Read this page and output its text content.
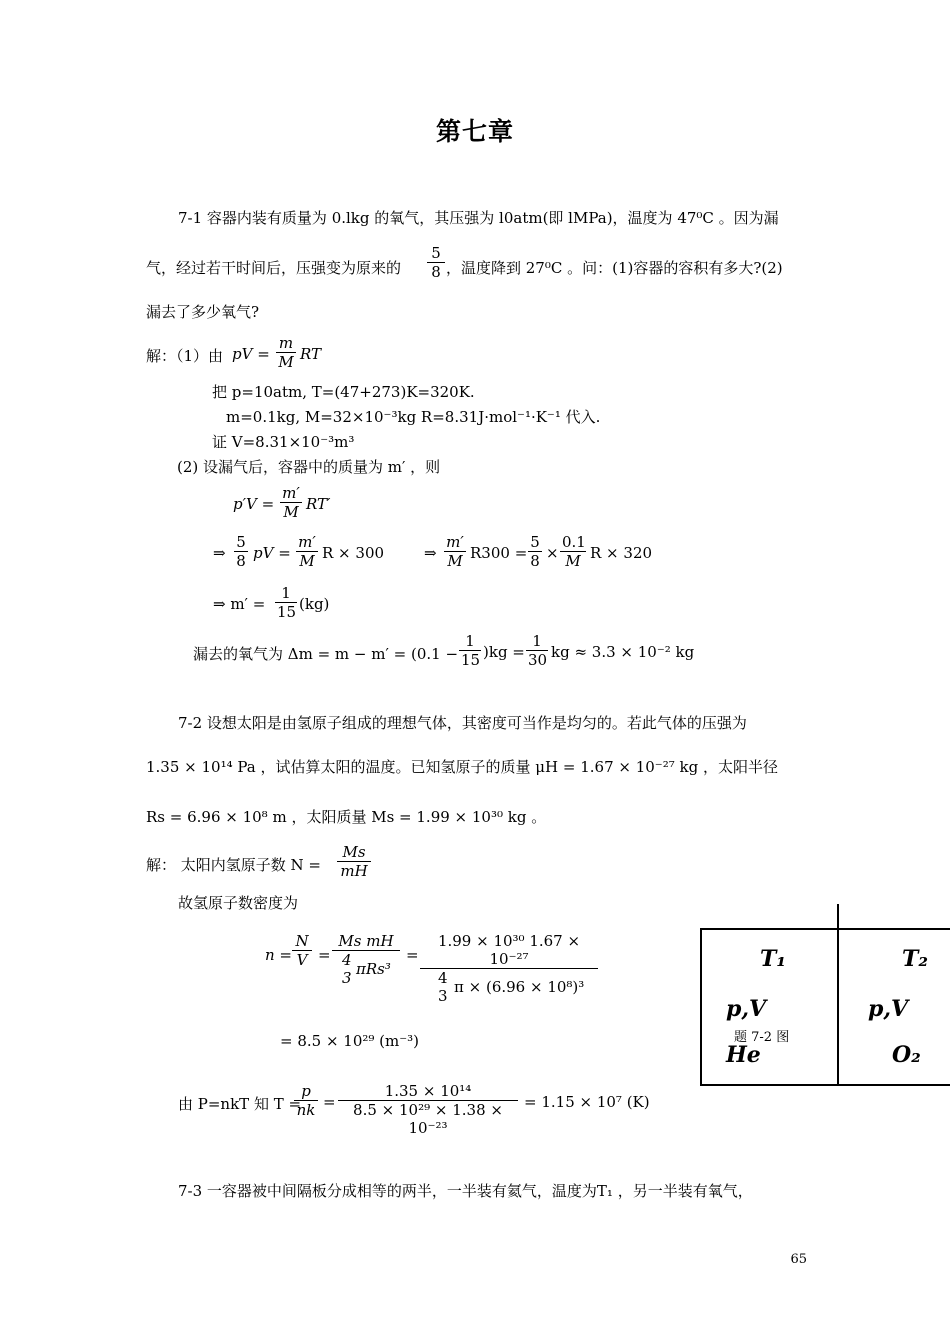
第七章
7-1 容器内装有质量为 0.lkg 的氧气，其压强为 l0atm(即 lMPa)，温度为 47⁰C 。因为漏
气，经过若干时间后，压强变为原来的 $\frac{5}{8}$ ，温度降到 27⁰C 。问：(1)容器的容积有多大?(2)
漏去了多少氧气?
解：（1）由 pV = $\frac{m}{M}$ RT
把 p=10atm, T=(47+273)K=320K.
m=0.1kg, M=32×10⁻³kg R=8.31J·mol⁻¹·K⁻¹ 代入.
证 V=8.31×10⁻³m³
(2) 设漏气后，容器中的质量为 m′ ，则
$p'V = \frac{m'}{M} RT'$
⇒ $\frac{5}{8}$ pV = $\frac{m'}{M}$ R × 300	⇒ $\frac{m'}{M} R300 = \frac{5}{8} \times \frac{0.1}{M}$ R × 320
⇒ $m' = \frac{1}{15} (kg)$
漏去的氧气为 $\Delta m = m - m' = (0.1 - \frac{1}{15} )kg = \frac{1}{30}$ kg ≈ 3.3 × 10⁻² kg
7-2 设想太阳是由氢原子组成的理想气体，其密度可当作是均匀的。若此气体的压强为
1.35 × 10¹⁴ Pa ，试估算太阳的温度。已知氢原子的质量 μH = 1.67 × 10⁻²⁷ kg ，太阳半径
Rs = 6.96 × 10⁸ m ，太阳质量 Ms = 1.99 × 10³⁰ kg 。
解： 太阳内氢原子数 $N = \frac{Ms}{mH}$
故氢原子数密度为
$n = \frac{N}{V}$ =
Ms mH
4
3 πRs³
= 1.99 × 10³⁰ 1.67 × 10⁻²⁷
4
3 π × (6.96 × 10⁸)³
= 8.5 × 10²⁹ (m⁻³)
由 P=nkT 知 T =
$\frac{p}{nk} = \frac{\text{1.35 × 10¹⁴}}{\text{8.5 × 10²⁹ × 1.38 × 10⁻²³}} = 1.15 \times 10^7$ (K)
T₁	T₂
p,V	p,V
题 7-2 图
He	O₂
7-3 一容器被中间隔板分成相等的两半，一半装有氦气，温度为T₁ ，另一半装有氧气，
65
